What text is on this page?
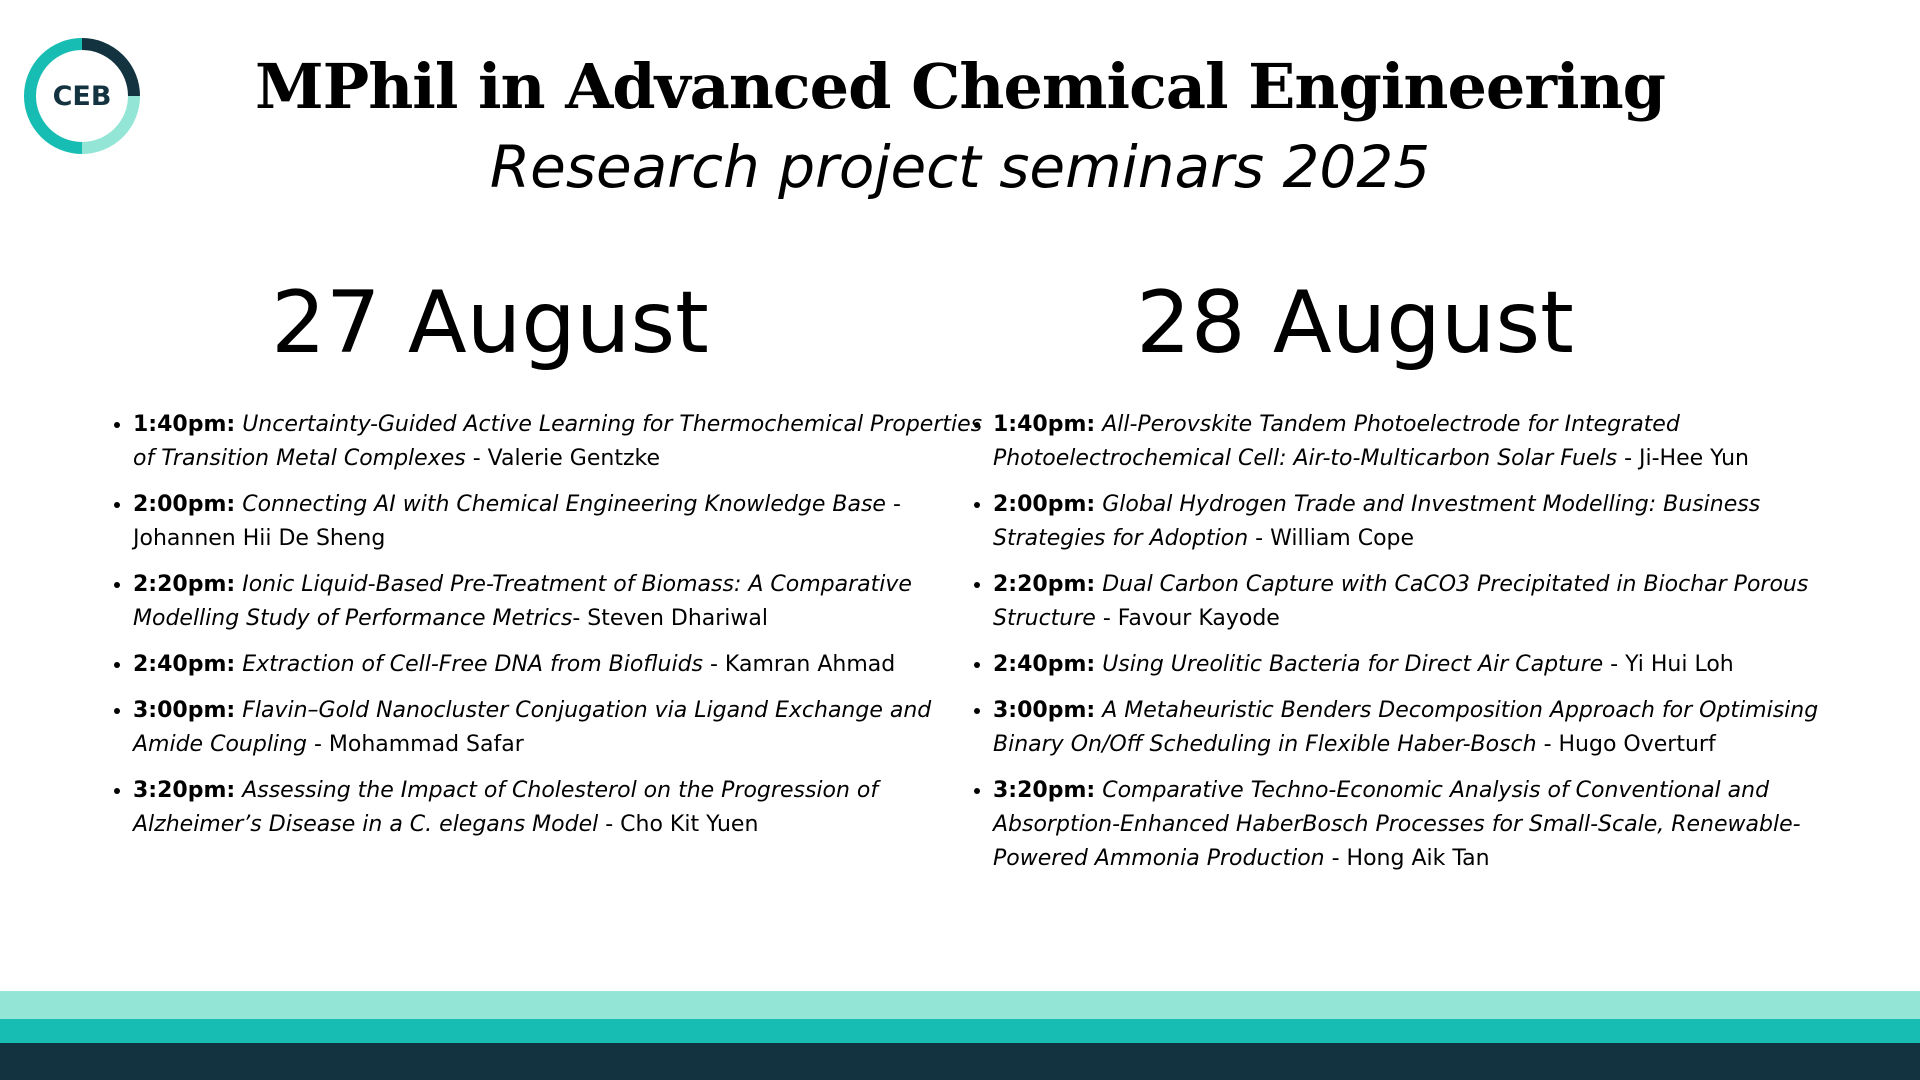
CEB	MPhil in Advanced Chemical Engineering
Research project seminars 2025
27 August	28 August
• 1:40pm: Uncertainty-Guided Active Learning for Thermochemical Properties of Transition Metal Complexes - Valerie Gentzke
• 2:00pm: Connecting AI with Chemical Engineering Knowledge Base - Johannen Hii De Sheng
• 2:20pm: Ionic Liquid-Based Pre-Treatment of Biomass: A Comparative Modelling Study of Performance Metrics- Steven Dhariwal
• 2:40pm: Extraction of Cell-Free DNA from Biofluids - Kamran Ahmad
• 3:00pm: Flavin–Gold Nanocluster Conjugation via Ligand Exchange and Amide Coupling - Mohammad Safar
• 3:20pm: Assessing the Impact of Cholesterol on the Progression of Alzheimer’s Disease in a C. elegans Model - Cho Kit Yuen
• 1:40pm: All-Perovskite Tandem Photoelectrode for Integrated Photoelectrochemical Cell: Air-to-Multicarbon Solar Fuels - Ji-Hee Yun
• 2:00pm: Global Hydrogen Trade and Investment Modelling: Business Strategies for Adoption - William Cope
• 2:20pm: Dual Carbon Capture with CaCO3 Precipitated in Biochar Porous Structure - Favour Kayode
• 2:40pm: Using Ureolitic Bacteria for Direct Air Capture - Yi Hui Loh
• 3:00pm: A Metaheuristic Benders Decomposition Approach for Optimising Binary On/Off Scheduling in Flexible Haber-Bosch - Hugo Overturf
• 3:20pm: Comparative Techno-Economic Analysis of Conventional and Absorption-Enhanced HaberBosch Processes for Small-Scale, Renewable-Powered Ammonia Production - Hong Aik Tan
